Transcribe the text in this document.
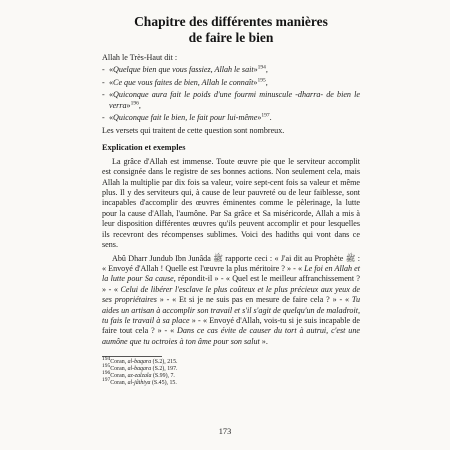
Chapitre des différentes manières
de faire le bien

Allah le Très-Haut dit :

- «Quelque bien que vous fassiez, Allah le sait»$^{194}$,
- «Ce que vous faites de bien, Allah le connaît»$^{195}$,
- «Quiconque aura fait le poids d'une fourmi minuscule -dharra- de bien le verra»$^{196}$,
- «Quiconque fait le bien, le fait pour lui-même»$^{197}$.

Les versets qui traitent de cette question sont nombreux.

Explication et exemples

La grâce d'Allah est immense. Toute œuvre pie que le serviteur accomplit est consignée dans le registre de ses bonnes actions. Non seulement cela, mais Allah la multiplie par dix fois sa valeur, voire sept-cent fois sa valeur et même plus. Il y des serviteurs qui, à cause de leur pauvreté ou de leur faiblesse, sont incapables d'accomplir des œuvres éminentes comme le pèlerinage, la lutte pour la cause d'Allah, l'aumône. Par Sa grâce et Sa miséricorde, Allah a mis à leur disposition différentes œuvres qu'ils peuvent accomplir et pour lesquelles ils recevront des récompenses sublimes. Voici des hadiths qui vont dans ce sens.

Abû Dharr Jundub Ibn Junâda ﷺ rapporte ceci : « J'ai dit au Prophète ﷺ : « Envoyé d'Allah ! Quelle est l'œuvre la plus méritoire ? » - « Le foi en Allah et la lutte pour Sa cause, répondit-il » - « Quel est le meilleur affranchissement ? » - « Celui de libérer l'esclave le plus coûteux et le plus précieux aux yeux de ses propriétaires » - « Et si je ne suis pas en mesure de faire cela ? » - « Tu aides un artisan à accomplir son travail et s'il s'agit de quelqu'un de maladroit, tu fais le travail à sa place » - « Envoyé d'Allah, vois-tu si je suis incapable de faire tout cela ? » - « Dans ce cas évite de causer du tort à autrui, c'est une aumône que tu octroies à ton âme pour son salut ».

$^{194}$Coran, al-baqara (S.2), 215.

$^{195}$Coran, al-baqara (S.2), 197.

$^{196}$Coran, az-zalzala (S.99), 7.

$^{197}$Coran, al-jâthiya (S.45), 15.

173
